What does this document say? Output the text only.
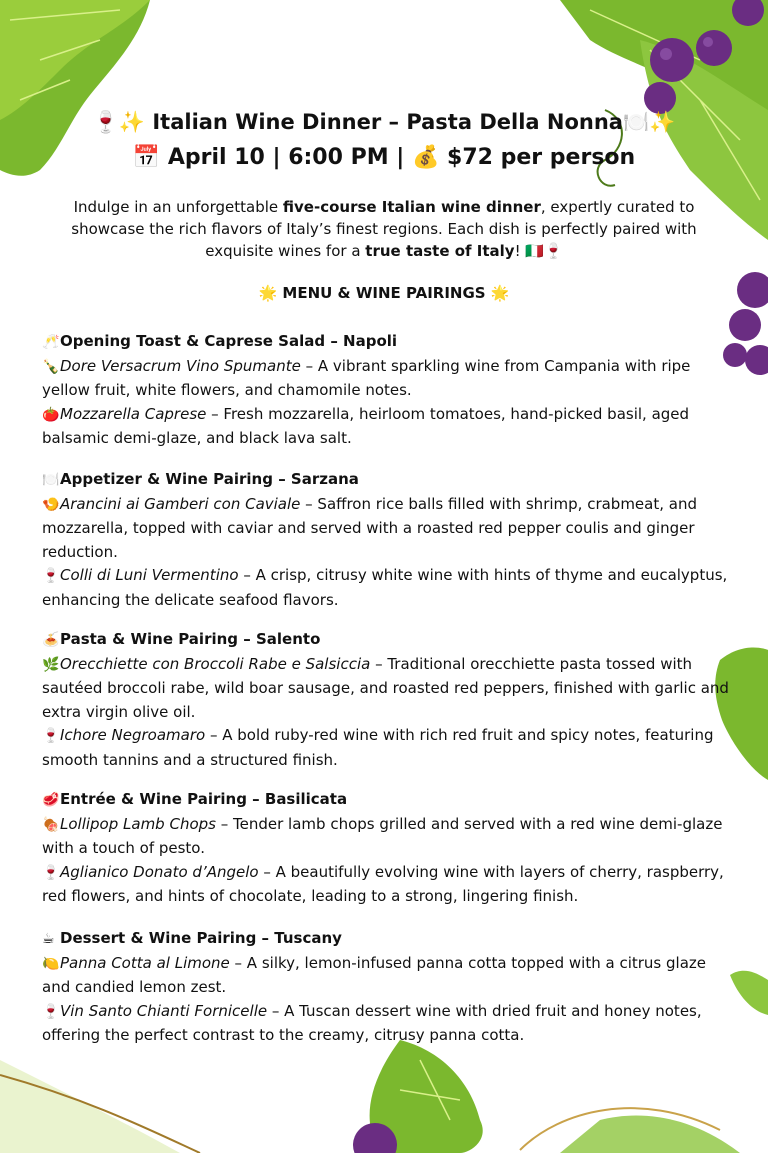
🍷✨ Italian Wine Dinner – Pasta Della Nonna🍽️✨
📅 April 10 | 6:00 PM | 💰 $72 per person
Indulge in an unforgettable five-course Italian wine dinner, expertly curated to showcase the rich flavors of Italy’s finest regions. Each dish is perfectly paired with exquisite wines for a true taste of Italy! 🇮🇹🍷
🌟 MENU & WINE PAIRINGS 🌟
🥂Opening Toast & Caprese Salad – Napoli
🍾Dore Versacrum Vino Spumante – A vibrant sparkling wine from Campania with ripe yellow fruit, white flowers, and chamomile notes.
🍅Mozzarella Caprese – Fresh mozzarella, heirloom tomatoes, hand-picked basil, aged balsamic demi-glaze, and black lava salt.
🍽️Appetizer & Wine Pairing – Sarzana
🍤Arancini ai Gamberi con Caviale – Saffron rice balls filled with shrimp, crabmeat, and mozzarella, topped with caviar and served with a roasted red pepper coulis and ginger reduction.
🍷Colli di Luni Vermentino – A crisp, citrusy white wine with hints of thyme and eucalyptus, enhancing the delicate seafood flavors.
🍝Pasta & Wine Pairing – Salento
🌿Orecchiette con Broccoli Rabe e Salsiccia – Traditional orecchiette pasta tossed with sautéed broccoli rabe, wild boar sausage, and roasted red peppers, finished with garlic and extra virgin olive oil.
🍷Ichore Negroamaro – A bold ruby-red wine with rich red fruit and spicy notes, featuring smooth tannins and a structured finish.
🥩Entrée & Wine Pairing – Basilicata
🍖Lollipop Lamb Chops – Tender lamb chops grilled and served with a red wine demi-glaze with a touch of pesto.
🍷Aglianico Donato d’Angelo – A beautifully evolving wine with layers of cherry, raspberry, red flowers, and hints of chocolate, leading to a strong, lingering finish.
☕ Dessert & Wine Pairing – Tuscany
🍋Panna Cotta al Limone – A silky, lemon-infused panna cotta topped with a citrus glaze and candied lemon zest.
🍷Vin Santo Chianti Fornicelle – A Tuscan dessert wine with dried fruit and honey notes, offering the perfect contrast to the creamy, citrusy panna cotta.
